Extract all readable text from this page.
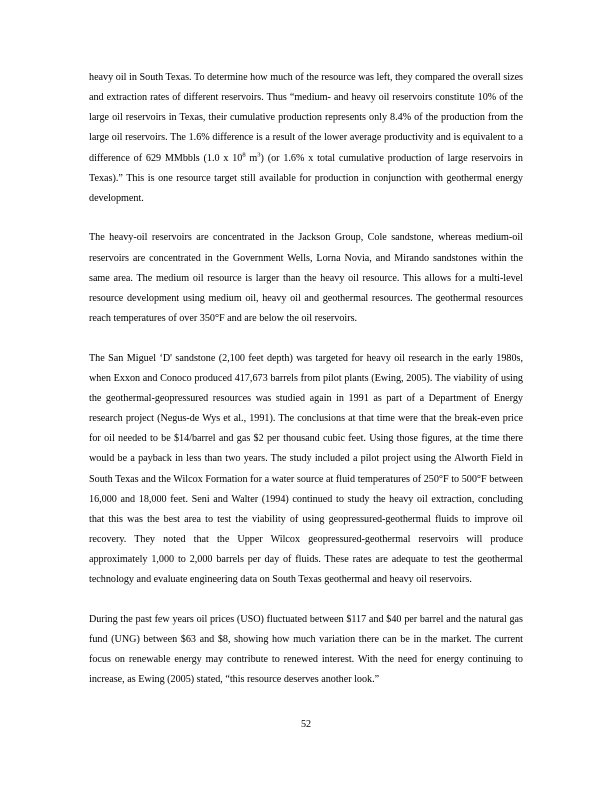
heavy oil in South Texas. To determine how much of the resource was left, they compared the overall sizes and extraction rates of different reservoirs. Thus “medium- and heavy oil reservoirs constitute 10% of the large oil reservoirs in Texas, their cumulative production represents only 8.4% of the production from the large oil reservoirs. The 1.6% difference is a result of the lower average productivity and is equivalent to a difference of 629 MMbbls (1.0 x $10^8$ $m^3$) (or 1.6% x total cumulative production of large reservoirs in Texas).” This is one resource target still available for production in conjunction with geothermal energy development.

The heavy-oil reservoirs are concentrated in the Jackson Group, Cole sandstone, whereas medium-oil reservoirs are concentrated in the Government Wells, Lorna Novia, and Mirando sandstones within the same area. The medium oil resource is larger than the heavy oil resource. This allows for a multi-level resource development using medium oil, heavy oil and geothermal resources. The geothermal resources reach temperatures of over 350°F and are below the oil reservoirs.

The San Miguel ‘D' sandstone (2,100 feet depth) was targeted for heavy oil research in the early 1980s, when Exxon and Conoco produced 417,673 barrels from pilot plants (Ewing, 2005). The viability of using the geothermal-geopressured resources was studied again in 1991 as part of a Department of Energy research project (Negus-de Wys et al., 1991). The conclusions at that time were that the break-even price for oil needed to be $14/barrel and gas $2 per thousand cubic feet. Using those figures, at the time there would be a payback in less than two years. The study included a pilot project using the Alworth Field in South Texas and the Wilcox Formation for a water source at fluid temperatures of 250°F to 500°F between 16,000 and 18,000 feet. Seni and Walter (1994) continued to study the heavy oil extraction, concluding that this was the best area to test the viability of using geopressured-geothermal fluids to improve oil recovery. They noted that the Upper Wilcox geopressured-geothermal reservoirs will produce approximately 1,000 to 2,000 barrels per day of fluids. These rates are adequate to test the geothermal technology and evaluate engineering data on South Texas geothermal and heavy oil reservoirs.

During the past few years oil prices (USO) fluctuated between $117 and $40 per barrel and the natural gas fund (UNG) between $63 and $8, showing how much variation there can be in the market. The current focus on renewable energy may contribute to renewed interest. With the need for energy continuing to increase, as Ewing (2005) stated, “this resource deserves another look.”

52
